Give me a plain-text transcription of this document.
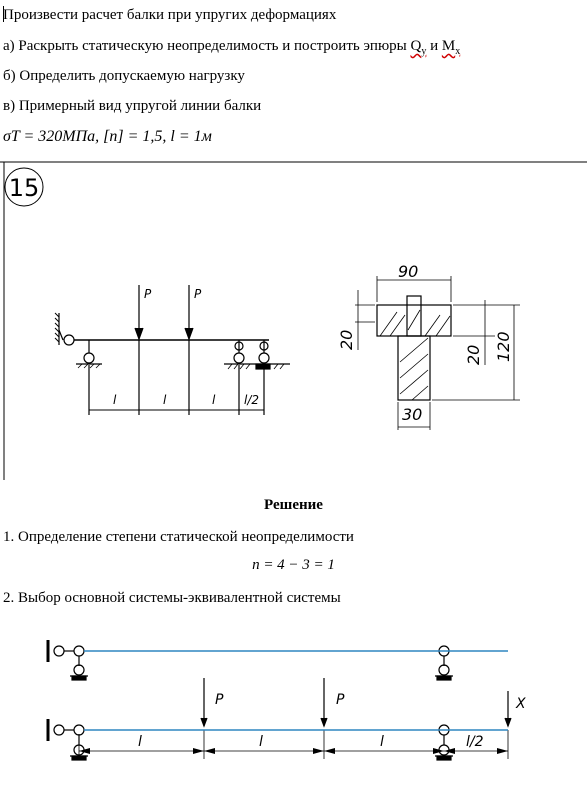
Произвести расчет балки при упругих деформациях
а) Раскрыть статическую неопределимость и построить эпюры $Q_y$ и $M_x$
б) Определить допускаемую нагрузку
в) Примерный вид упругой линии балки
σT = 320МПа, [n] = 1,5, l = 1м
15
P	P
l	l	l l/2
90
20
20 120
30
Решение
1. Определение степени статической неопределимости
n = 4 − 3 = 1
2. Выбор основной системы-эквивалентной системы
P	P	X
l	l	l	l/2
